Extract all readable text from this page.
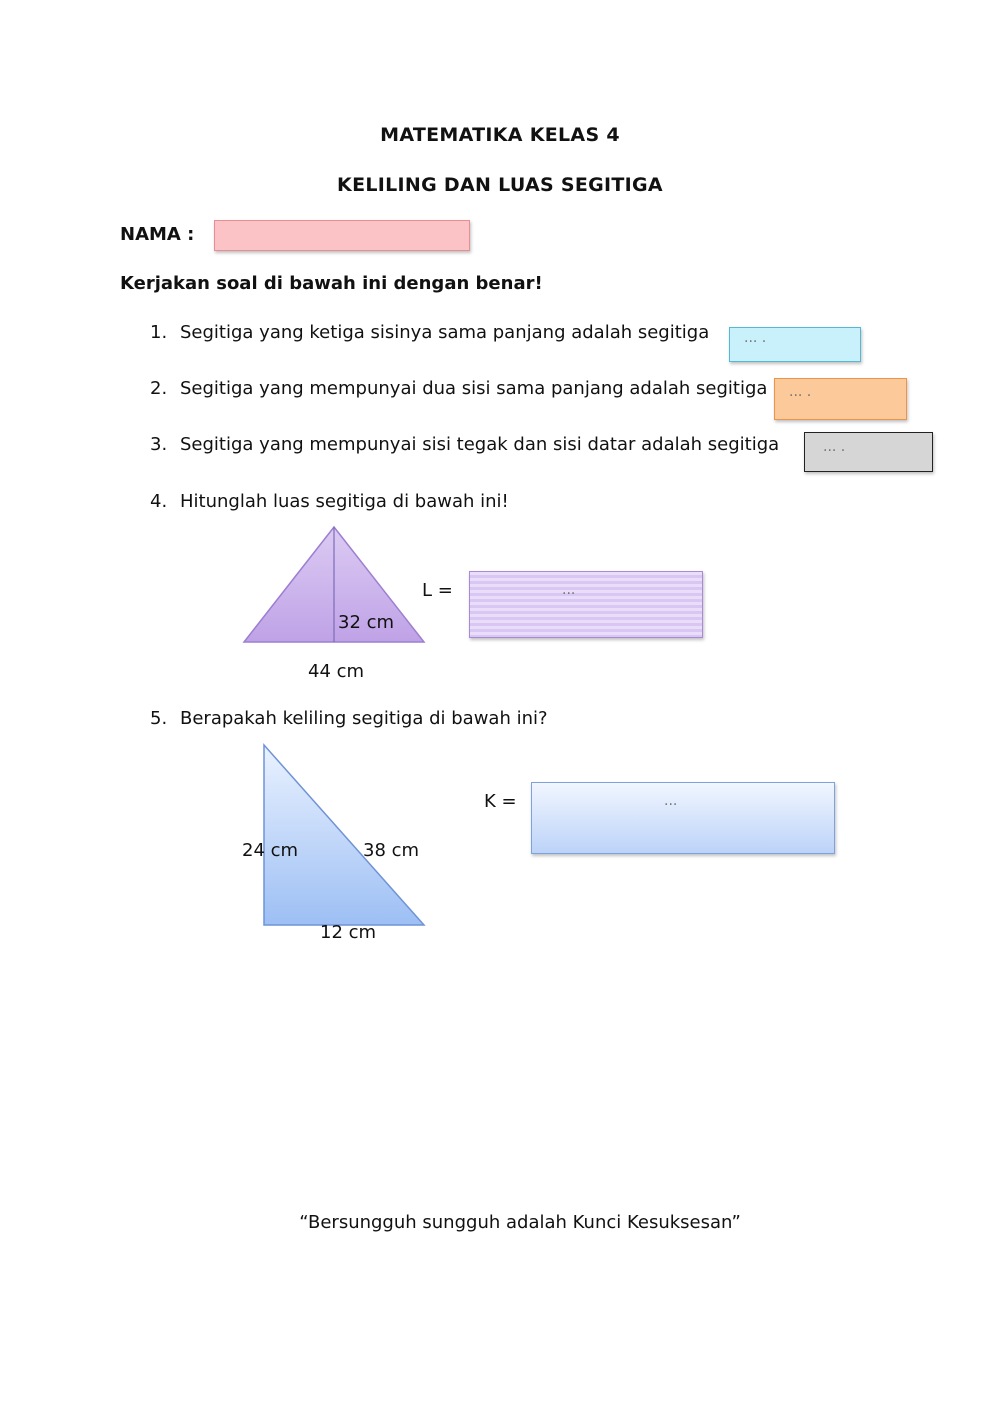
MATEMATIKA KELAS 4
KELILING DAN LUAS SEGITIGA
NAMA :
Kerjakan soal di bawah ini dengan benar!
1. Segitiga yang ketiga sisinya sama panjang adalah segitiga
... .
2. Segitiga yang mempunyai dua sisi sama panjang adalah segitiga
... .
3. Segitiga yang mempunyai sisi tegak dan sisi datar adalah segitiga
... .
4. Hitunglah luas segitiga di bawah ini!
32 cm
44 cm
L =
...
5. Berapakah keliling segitiga di bawah ini?
24 cm	38 cm
12 cm
K =
...
“Bersungguh sungguh adalah Kunci Kesuksesan”
